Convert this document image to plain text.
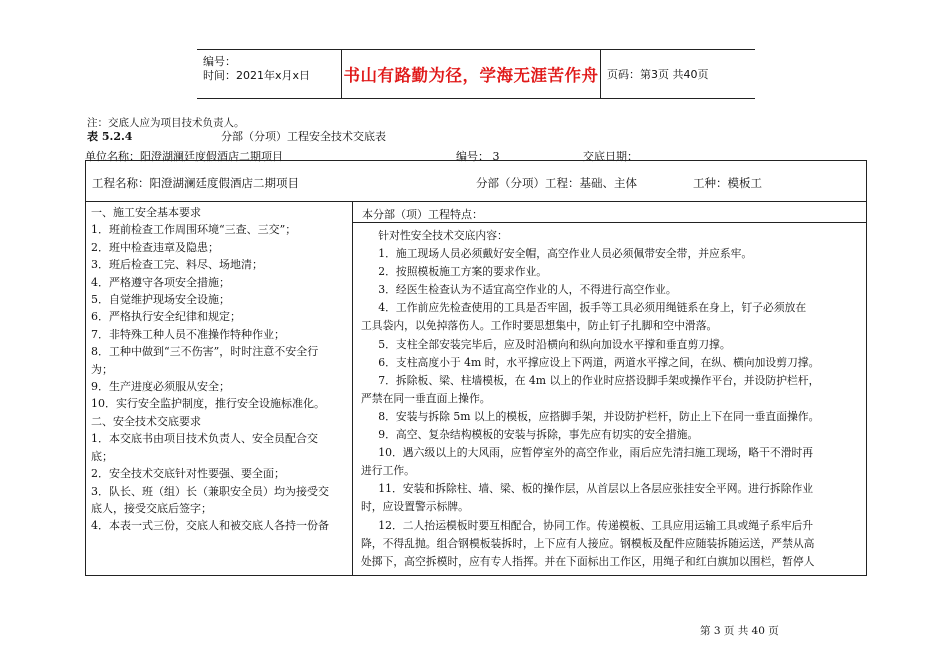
编号：
时间：2021年x月x日 书山有路勤为径，学海无涯苦作舟 页码：第3页 共40页
注：交底人应为项目技术负责人。
表 5.2.4	分部（分项）工程安全技术交底表
单位名称：阳澄湖澜廷度假酒店二期项目	编号： 3	交底日期：
工程名称：阳澄湖澜廷度假酒店二期项目	分部（分项）工程：基础、主体	工种：模板工

一、施工安全基本要求

1．班前检查工作周围环境“三查、三交”；

2．班中检查违章及隐患；

3．班后检查工完、料尽、场地清；

4．严格遵守各项安全措施；

5．自觉维护现场安全设施；

6．严格执行安全纪律和规定；

7．非特殊工种人员不准操作特种作业；

8．工种中做到“三不伤害”，时时注意不安全行

为；

9．生产进度必须服从安全；

10．实行安全监护制度，推行安全设施标准化。

二、安全技术交底要求

1．本交底书由项目技术负责人、安全员配合交

底；

2．安全技术交底针对性要强、要全面；

3．队长、班（组）长（兼职安全员）均为接受交

底人，接受交底后签字；

4．本表一式三份，交底人和被交底人各持一份备

本分部（项）工程特点：

针对性安全技术交底内容：

1．施工现场人员必须戴好安全帽，高空作业人员必须佩带安全带，并应系牢。

2．按照模板施工方案的要求作业。

3．经医生检查认为不适宜高空作业的人，不得进行高空作业。

4．工作前应先检查使用的工具是否牢固，扳手等工具必须用绳链系在身上，钉子必须放在

工具袋内，以免掉落伤人。工作时要思想集中，防止钉子扎脚和空中滑落。

5．支柱全部安装完毕后，应及时沿横向和纵向加设水平撑和垂直剪刀撑。

6．支柱高度小于 4m 时，水平撑应设上下两道，两道水平撑之间，在纵、横向加设剪刀撑。

7．拆除板、梁、柱墙模板，在 4m 以上的作业时应搭设脚手架或操作平台，并设防护栏杆，

严禁在同一垂直面上操作。

8．安装与拆除 5m 以上的模板，应搭脚手架，并设防护栏杆，防止上下在同一垂直面操作。

9．高空、复杂结构模板的安装与拆除，事先应有切实的安全措施。

10．遇六级以上的大风雨，应暂停室外的高空作业，雨后应先清扫施工现场，略干不滑时再

进行工作。

11．安装和拆除柱、墙、梁、板的操作层，从首层以上各层应张挂安全平网。进行拆除作业

时，应设置警示标牌。

12．二人抬运模板时要互相配合，协同工作。传递模板、工具应用运输工具或绳子系牢后升

降，不得乱抛。组合钢模板装拆时，上下应有人接应。钢模板及配件应随装拆随运送，严禁从高

处掷下，高空拆模时，应有专人指挥。并在下面标出工作区，用绳子和红白旗加以围栏，暂停人

第 3 页 共 40 页
